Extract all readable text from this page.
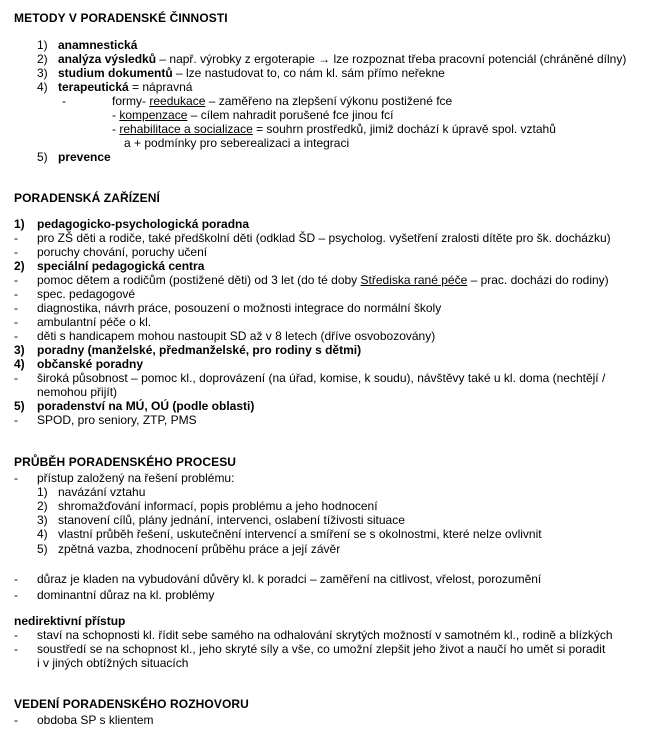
METODY V PORADENSKÉ ČINNOSTI
1) anamnestická
2) analýza výsledků – např. výrobky z ergoterapie → lze rozpoznat třeba pracovní potenciál (chráněné dílny)
3) studium dokumentů – lze nastudovat to, co nám kl. sám přímo neřekne
4) terapeutická = nápravná
-	formy- reedukace – zaměřeno na zlepšení výkonu postižené fce
- kompenzace – cílem nahradit porušené fce jinou fcí
- rehabilitace a socializace = souhrn prostředků, jimiž dochází k úpravě spol. vztahů
a + podmínky pro seberealizaci a integraci
5) prevence
PORADENSKÁ ZAŘÍZENÍ
1) pedagogicko-psychologická poradna
- pro ZŠ děti a rodiče, také předškolní děti (odklad ŠD – psycholog. vyšetření zralosti dítěte pro šk. docházku)
- poruchy chování, poruchy učení
2) speciální pedagogická centra
- pomoc dětem a rodičům (postižené děti) od 3 let (do té doby Střediska rané péče – prac. docházi do rodiny)
- spec. pedagogové
- diagnostika, návrh práce, posouzení o možnosti integrace do normální školy
- ambulantní péče o kl.
- děti s handicapem mohou nastoupit SD až v 8 letech (dříve osvobozovány)
3) poradny (manželské, předmanželské, pro rodiny s dětmi)
4) občanské poradny
- široká působnost – pomoc kl., doprovázení (na úřad, komise, k soudu), návštěvy také u kl. doma (nechtějí /
nemohou přijít)
5) poradenství na MÚ, OÚ (podle oblasti)
- SPOD, pro seniory, ZTP, PMS
PRŮBĚH PORADENSKÉHO PROCESU
- přístup založený na řešení problému:
1) navázání vztahu
2) shromažďování informací, popis problému a jeho hodnocení
3) stanovení cílů, plány jednání, intervenci, oslabení tíživosti situace
4) vlastní průběh řešení, uskutečnění intervencí a smíření se s okolnostmi, které nelze ovlivnit
5) zpětná vazba, zhodnocení průběhu práce a její závěr
- důraz je kladen na vybudování důvěry kl. k poradci – zaměření na citlivost, vřelost, porozumění
- dominantní důraz na kl. problémy
nedirektivní přístup
- staví na schopnosti kl. řídit sebe samého na odhalování skrytých možností v samotném kl., rodině a blízkých
- soustředí se na schopnost kl., jeho skryté síly a vše, co umožní zlepšit jeho život a naučí ho umět si poradit
i v jiných obtížných situacích
VEDENÍ PORADENSKÉHO ROZHOVORU
- obdoba SP s klientem
